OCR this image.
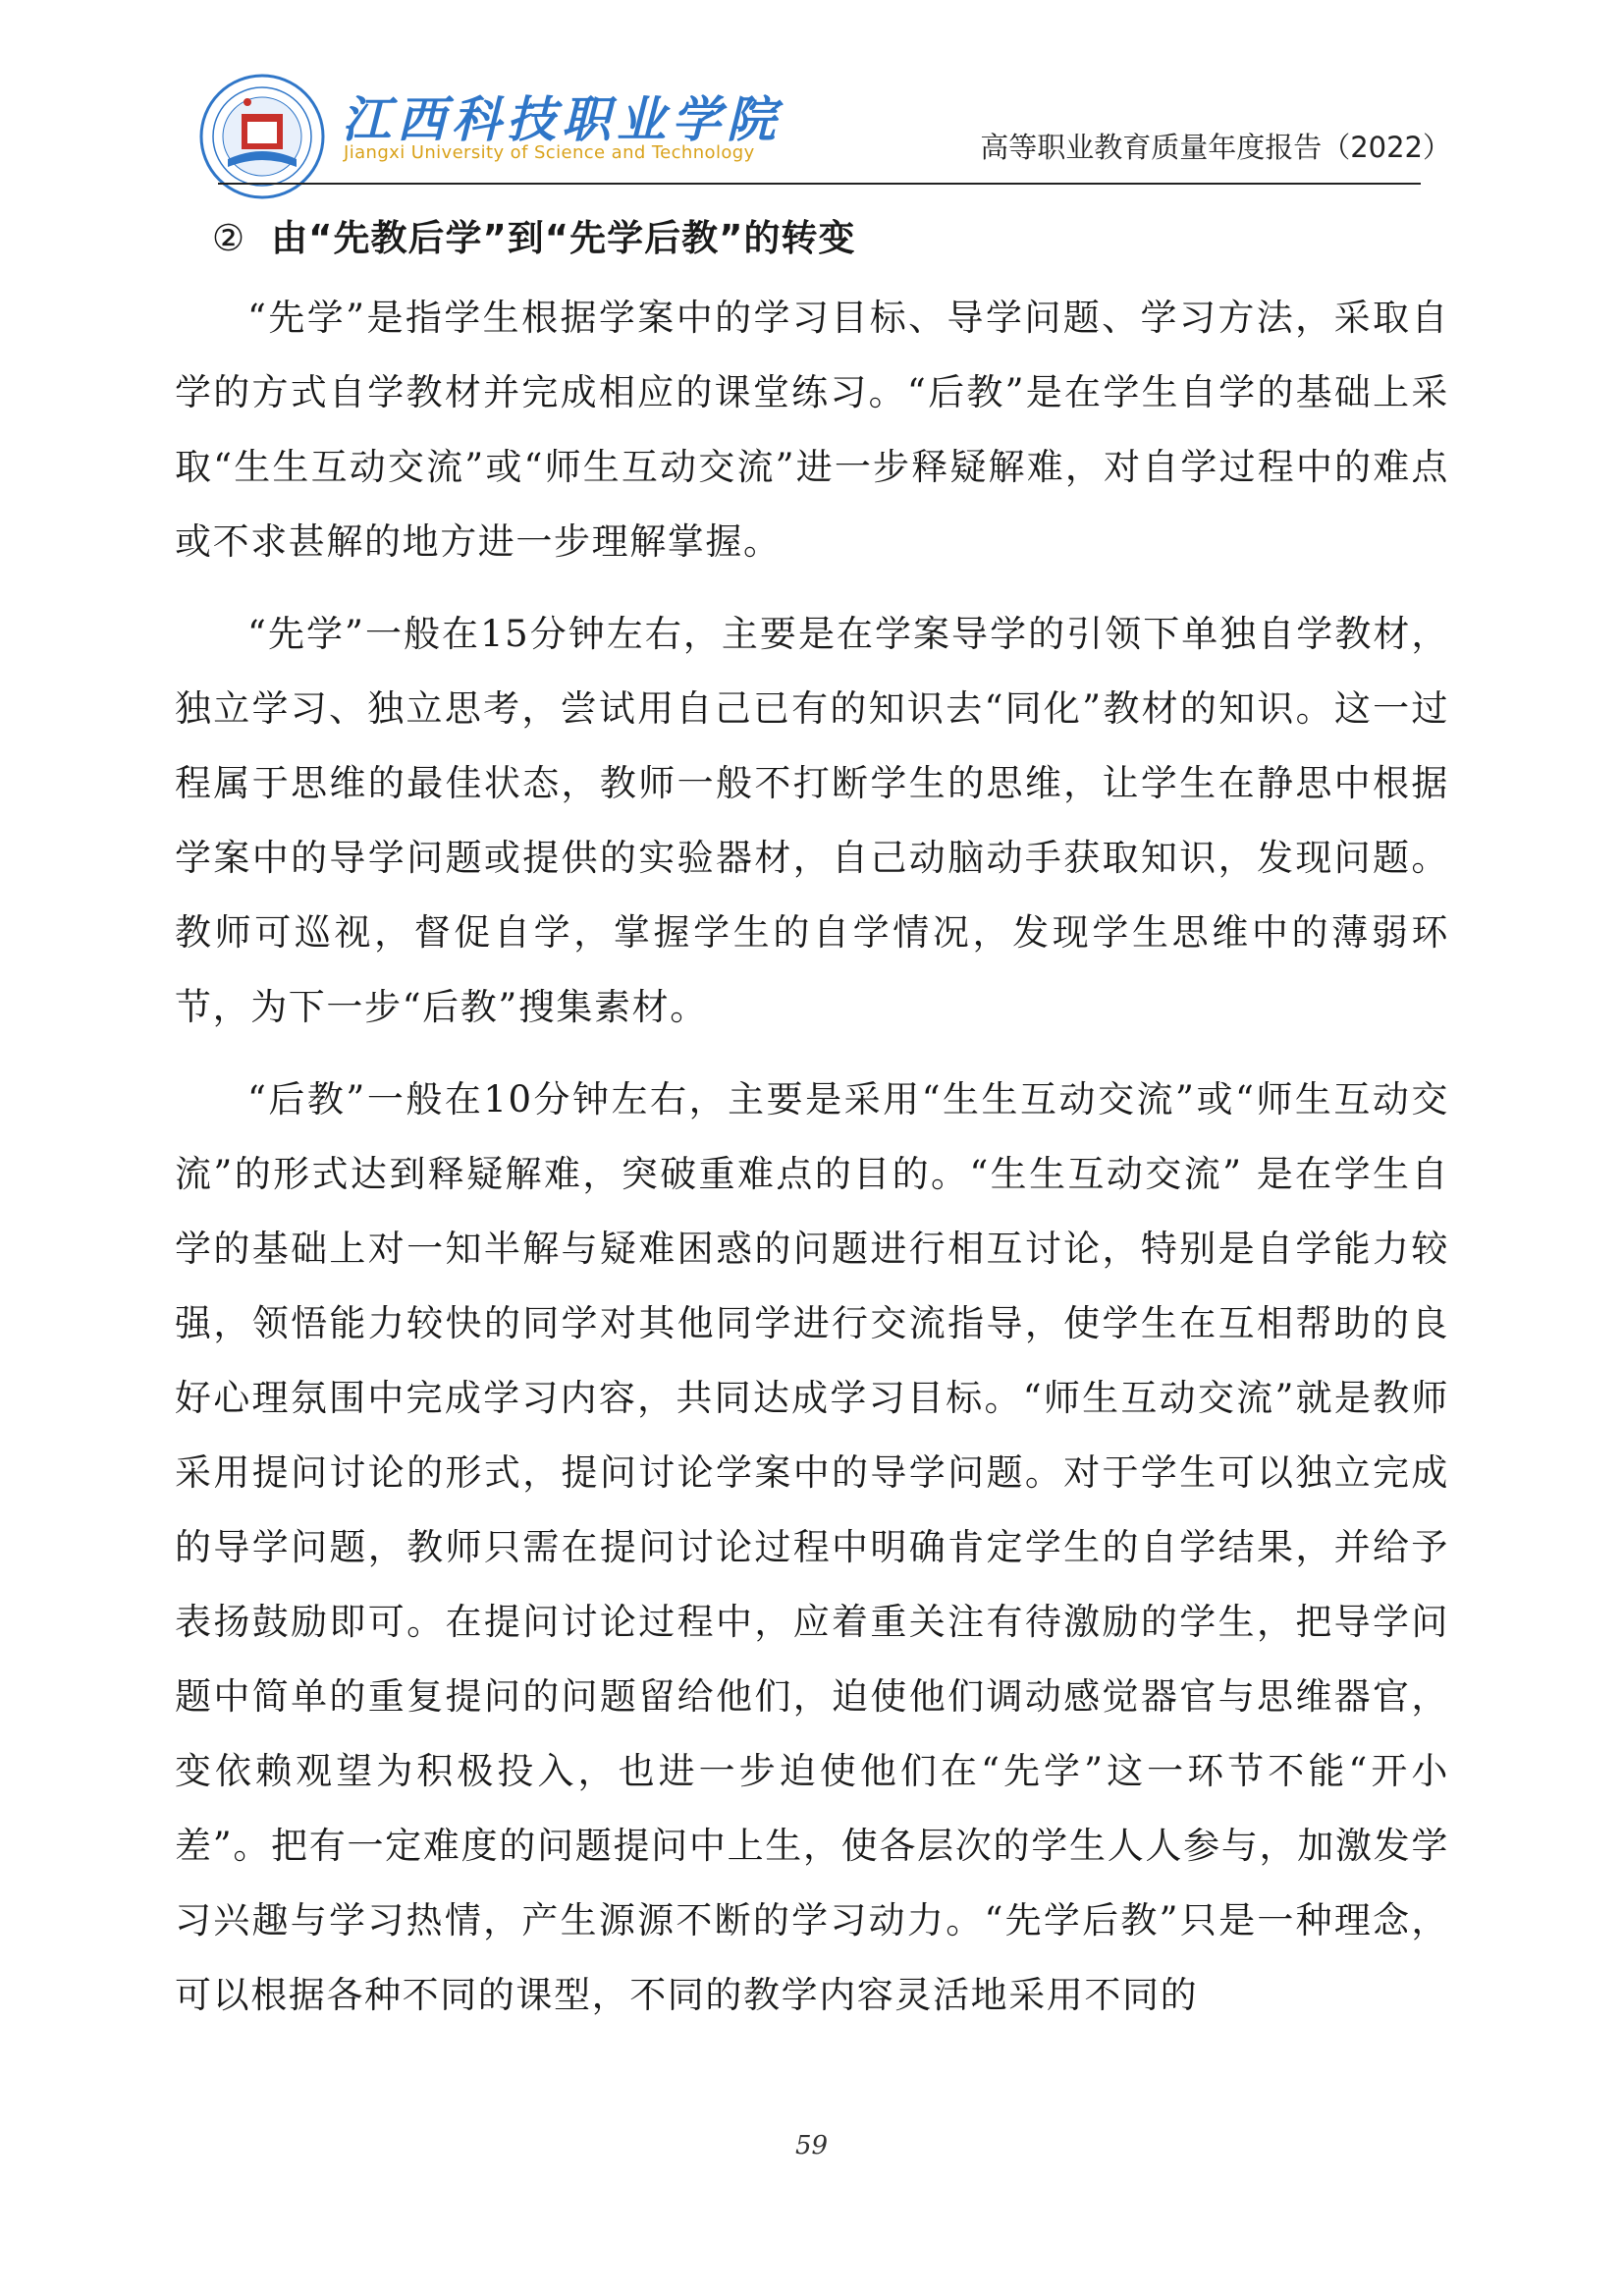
江西科技职业学院
Jiangxi University of Science and Technology	高等职业教育质量年度报告（2022）
② 由“先教后学”到“先学后教”的转变

“先学”是指学生根据学案中的学习目标、导学问题、学习方法，采取自学的方式自学教材并完成相应的课堂练习。“后教”是在学生自学的基础上采取“生生互动交流”或“师生互动交流”进一步释疑解难，对自学过程中的难点或不求甚解的地方进一步理解掌握。

“先学”一般在15分钟左右，主要是在学案导学的引领下单独自学教材，独立学习、独立思考，尝试用自己已有的知识去“同化”教材的知识。这一过程属于思维的最佳状态，教师一般不打断学生的思维，让学生在静思中根据学案中的导学问题或提供的实验器材，自己动脑动手获取知识，发现问题。教师可巡视，督促自学，掌握学生的自学情况，发现学生思维中的薄弱环节，为下一步“后教”搜集素材。

“后教”一般在10分钟左右，主要是采用“生生互动交流”或“师生互动交流”的形式达到释疑解难，突破重难点的目的。“生生互动交流” 是在学生自学的基础上对一知半解与疑难困惑的问题进行相互讨论，特别是自学能力较强，领悟能力较快的同学对其他同学进行交流指导，使学生在互相帮助的良好心理氛围中完成学习内容，共同达成学习目标。“师生互动交流”就是教师采用提问讨论的形式，提问讨论学案中的导学问题。对于学生可以独立完成的导学问题，教师只需在提问讨论过程中明确肯定学生的自学结果，并给予表扬鼓励即可。在提问讨论过程中，应着重关注有待激励的学生，把导学问题中简单的重复提问的问题留给他们，迫使他们调动感觉器官与思维器官，变依赖观望为积极投入，也进一步迫使他们在“先学”这一环节不能“开小差”。把有一定难度的问题提问中上生，使各层次的学生人人参与，加激发学习兴趣与学习热情，产生源源不断的学习动力。“先学后教”只是一种理念，可以根据各种不同的课型，不同的教学内容灵活地采用不同的

59
